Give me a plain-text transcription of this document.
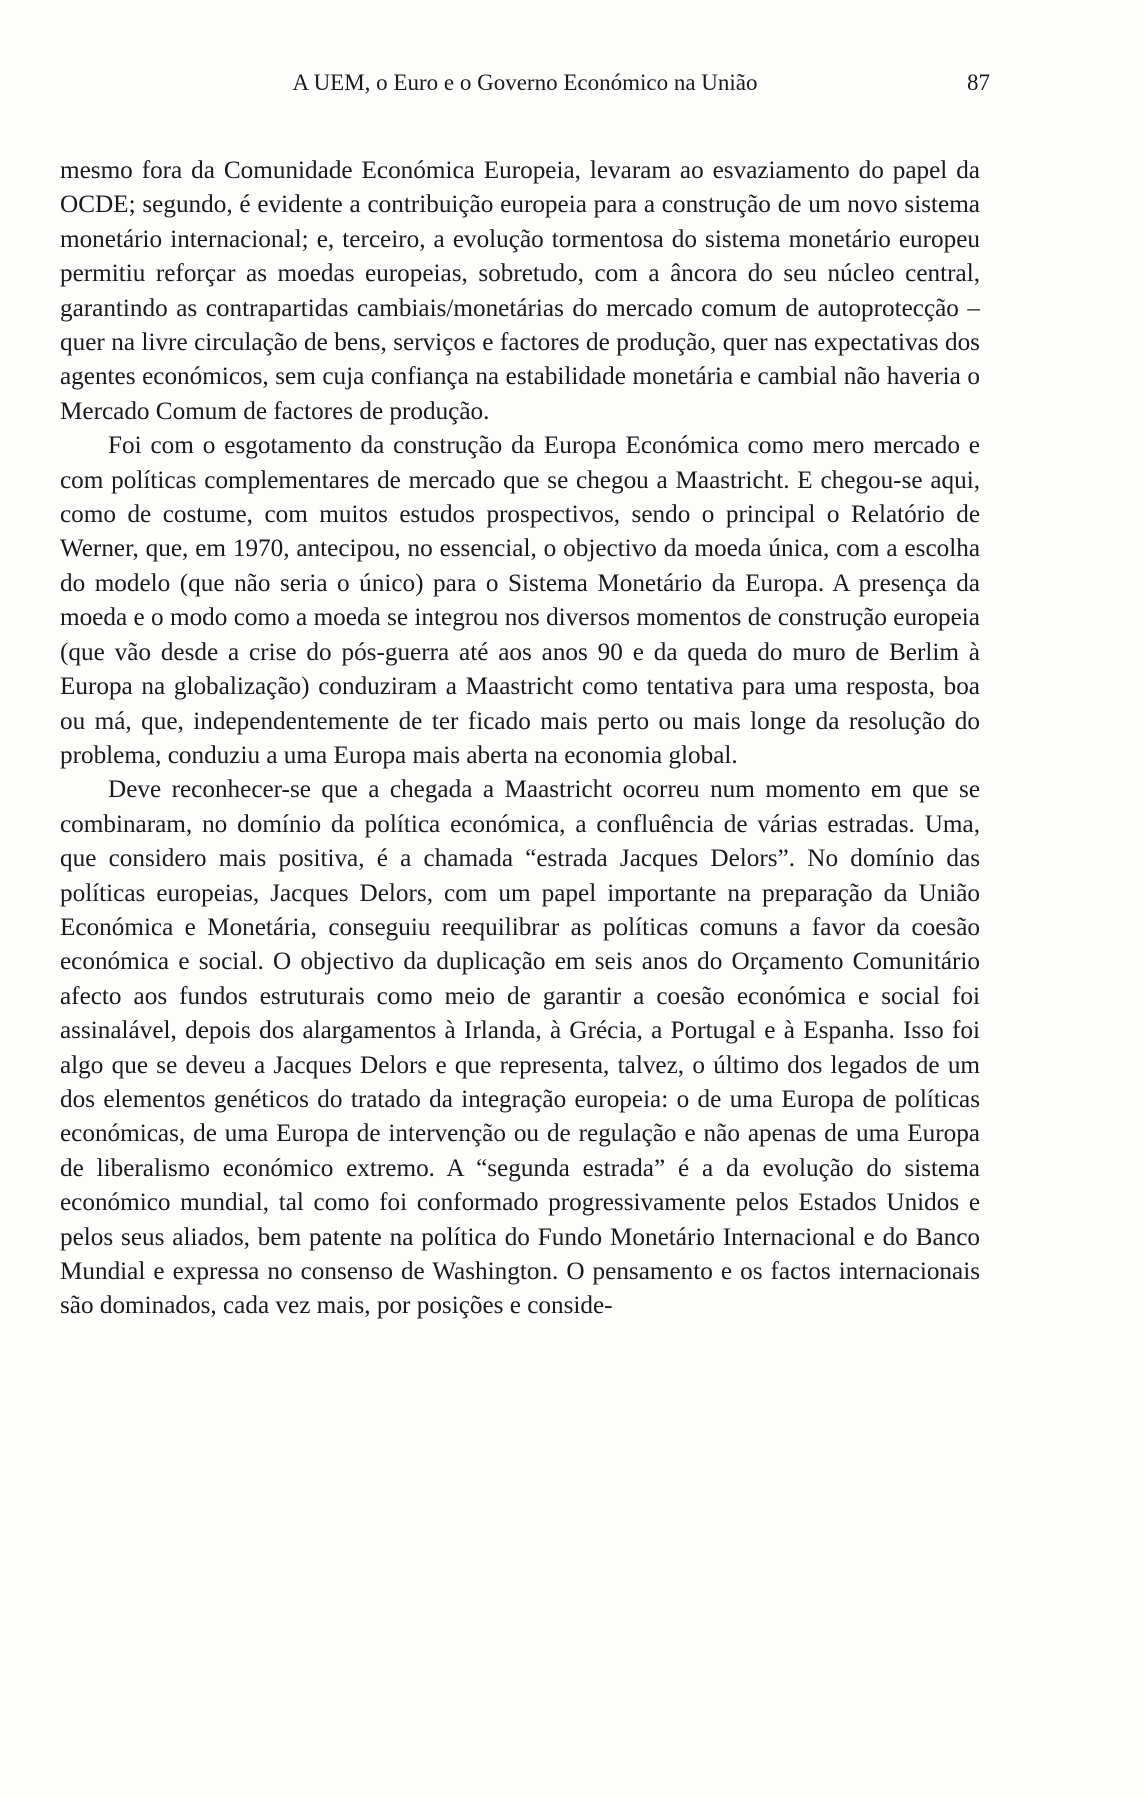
A UEM, o Euro e o Governo Económico na União	87

mesmo fora da Comunidade Económica Europeia, levaram ao esvaziamento do papel da OCDE; segundo, é evidente a contribuição europeia para a construção de um novo sistema monetário internacional; e, terceiro, a evolução tormentosa do sistema monetário europeu permitiu reforçar as moedas europeias, sobretudo, com a âncora do seu núcleo central, garantindo as contrapartidas cambiais/monetárias do mercado comum de autoprotecção – quer na livre circulação de bens, serviços e factores de produção, quer nas expectativas dos agentes económicos, sem cuja confiança na estabilidade monetária e cambial não haveria o Mercado Comum de factores de produção.

Foi com o esgotamento da construção da Europa Económica como mero mercado e com políticas complementares de mercado que se chegou a Maastricht. E chegou-se aqui, como de costume, com muitos estudos prospectivos, sendo o principal o Relatório de Werner, que, em 1970, antecipou, no essencial, o objectivo da moeda única, com a escolha do modelo (que não seria o único) para o Sistema Monetário da Europa. A presença da moeda e o modo como a moeda se integrou nos diversos momentos de construção europeia (que vão desde a crise do pós-guerra até aos anos 90 e da queda do muro de Berlim à Europa na globalização) conduziram a Maastricht como tentativa para uma resposta, boa ou má, que, independentemente de ter ficado mais perto ou mais longe da resolução do problema, conduziu a uma Europa mais aberta na economia global.

Deve reconhecer-se que a chegada a Maastricht ocorreu num momento em que se combinaram, no domínio da política económica, a confluência de várias estradas. Uma, que considero mais positiva, é a chamada “estrada Jacques Delors”. No domínio das políticas europeias, Jacques Delors, com um papel importante na preparação da União Económica e Monetária, conseguiu reequilibrar as políticas comuns a favor da coesão económica e social. O objectivo da duplicação em seis anos do Orçamento Comunitário afecto aos fundos estruturais como meio de garantir a coesão económica e social foi assinalável, depois dos alargamentos à Irlanda, à Grécia, a Portugal e à Espanha. Isso foi algo que se deveu a Jacques Delors e que representa, talvez, o último dos legados de um dos elementos genéticos do tratado da integração europeia: o de uma Europa de políticas económicas, de uma Europa de intervenção ou de regulação e não apenas de uma Europa de liberalismo económico extremo. A “segunda estrada” é a da evolução do sistema económico mundial, tal como foi conformado progressivamente pelos Estados Unidos e pelos seus aliados, bem patente na política do Fundo Monetário Internacional e do Banco Mundial e expressa no consenso de Washington. O pensamento e os factos internacionais são dominados, cada vez mais, por posições e conside-
